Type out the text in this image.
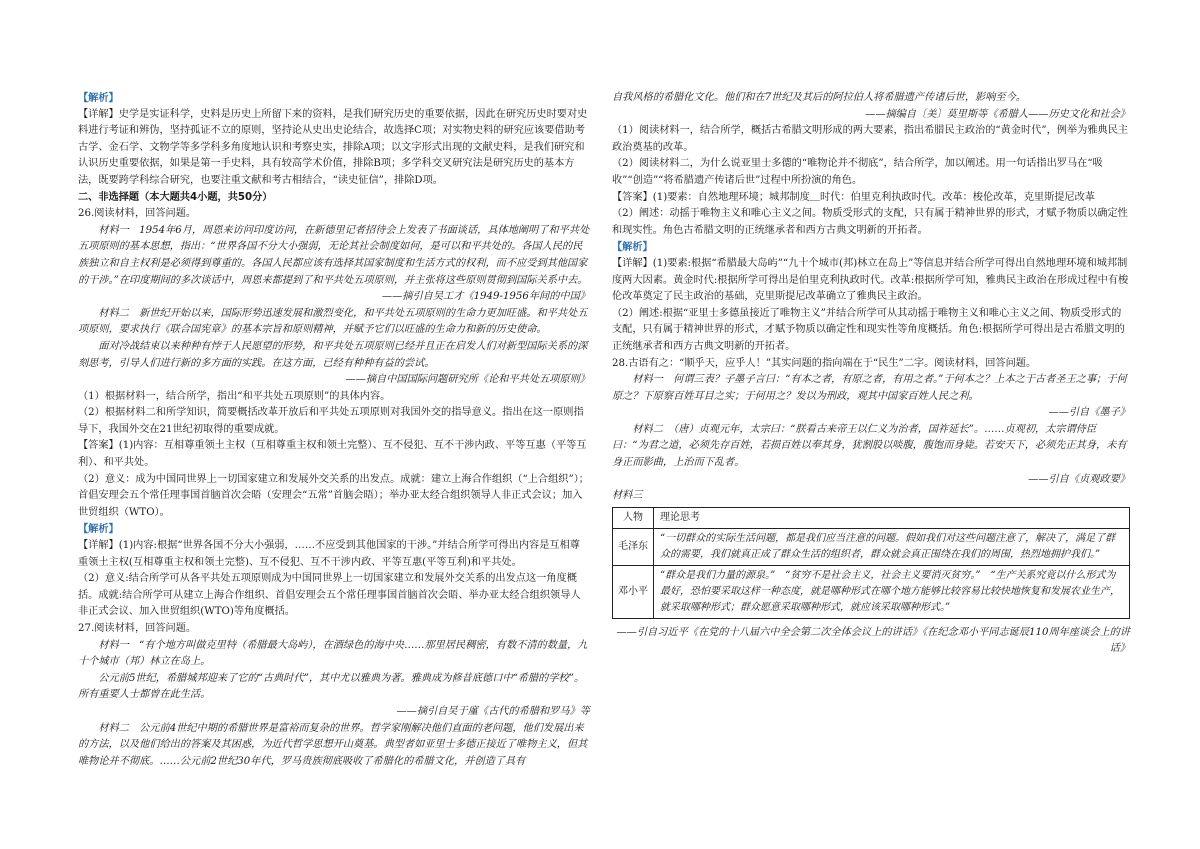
【解析】

【详解】史学是实证科学，史料是历史上所留下来的资料，是我们研究历史的重要依据，因此在研究历史时要对史料进行考证和辨伪，坚持孤证不立的原则，坚持论从史出史论结合，故选择C项；对实物史料的研究应该要借助考古学、金石学、文物学等多学科多角度地认识和考察史实，排除A项；以文字形式出现的文献史料，是我们研究和认识历史重要依据，如果是第一手史料，具有较高学术价值，排除B项；多学科交叉研究法是研究历史的基本方法，既要跨学科综合研究，也要注重文献和考古相结合，“读史征信”，排除D项。

二、非选择题（本大题共4小题，共50分）

26.阅读材料，回答问题。

材料一　1954年6月，周恩来访问印度访问，在新德里记者招待会上发表了书面谈话，具体地阐明了和平共处五项原则的基本思想，指出：“世界各国不分大小强弱，无论其社会制度如何，是可以和平共处的。各国人民的民族独立和自主权利是必须得到尊重的。各国人民都应该有选择其国家制度和生活方式的权利，而不应受到其他国家的干涉。”在印度期间的多次谈话中，周恩来都提到了和平共处五项原则，并主张将这些原则贯彻到国际关系中去。

——摘引自吴工才《1949-1956年间的中国》

材料二　新世纪开始以来，国际形势迅速发展和激烈变化，和平共处五项原则的生命力更加旺盛。和平共处五项原则，要求执行《联合国宪章》的基本宗旨和原则精神，并赋予它们以旺盛的生命力和新的历史使命。

面对冷战结束以来种种有悖于人民愿望的形势，和平共处五项原则已经并且正在启发人们对新型国际关系的深刻思考，引导人们进行新的多方面的实践。在这方面，已经有种种有益的尝试。

——摘自中国国际问题研究所《论和平共处五项原则》

（1）根据材料一，结合所学，指出“和平共处五项原则”的具体内容。

（2）根据材料二和所学知识，简要概括改革开放后和平共处五项原则对我国外交的指导意义。指出在这一原则指导下，我国外交在21世纪初取得的重要成就。

【答案】(1)内容：互相尊重领土主权（互相尊重主权和领土完整）、互不侵犯、互不干涉内政、平等互惠（平等互利）、和平共处。

（2）意义：成为中国同世界上一切国家建立和发展外交关系的出发点。成就：建立上海合作组织（“上合组织”）；首倡安理会五个常任理事国首脑首次会晤（安理会“五常”首脑会晤）；举办亚太经合组织领导人非正式会议；加入世贸组织（WTO）。

【解析】

【详解】(1)内容:根据“世界各国不分大小强弱，……不应受到其他国家的干涉。”并结合所学可得出内容是互相尊重领土主权(互相尊重主权和领土完整)、互不侵犯、互不干涉内政、平等互惠(平等互利)和平共处。

（2）意义:结合所学可从各平共处五项原则成为中国同世界上一切国家建立和发展外交关系的出发点这一角度概括。成就:结合所学可从建立上海合作组织、首倡安理会五个常任理事国首脑首次会晤、举办亚太经合组织领导人非正式会议、加入世贸组织(WTO)等角度概括。

27.阅读材料，回答问题。

材料一　“有个地方叫做克里特（希腊最大岛屿），在酒绿色的海中央……那里居民稠密，有数不清的数量，九十个城市（邦）林立在岛上。

公元前5世纪，希腊城邦迎来了它的“古典时代”，其中尤以雅典为著。雅典成为修昔底德口中“希腊的学校”。所有重要人士都曾在此生活。

——摘引自吴于廑《古代的希腊和罗马》等

材料二　公元前4世纪中期的希腊世界是富裕而复杂的世界。哲学家刚解决他们直面的老问题，他们发展出来的方法，以及他们给出的答案及其困惑，为近代哲学思想开山奠基。典型者如亚里士多德正接近了唯物主义，但其唯物论并不彻底。……公元前2世纪30年代，罗马贵族彻底吸收了希腊化的希腊文化，并创造了具有

自我风格的希腊化文化。他们和在7世纪及其后的阿拉伯人将希腊遗产传诸后世，影响至今。

——摘编自〔美〕莫里斯等《希腊人——历史文化和社会》

（1）阅读材料一，结合所学，概括古希腊文明形成的两大要素，指出希腊民主政治的“黄金时代”，例举为雅典民主政治奠基的改革。

（2）阅读材料二，为什么说亚里士多德的“唯物论并不彻底”，结合所学，加以阐述。用一句话指出罗马在“吸收”“创造”“将希腊遗产传诸后世”过程中所扮演的角色。

【答案】(1)要素：自然地理环境；城邦制度＿时代：伯里克利执政时代。改革：梭伦改革，克里斯提尼改革

（2）阐述：动摇于唯物主义和唯心主义之间。物质受形式的支配，只有属于精神世界的形式，才赋予物质以确定性和现实性。角色古希腊文明的正统继承者和西方古典文明新的开拓者。

【解析】

【详解】(1)要素:根据“希腊最大岛屿”“九十个城市(邦)林立在岛上”等信息并结合所学可得出自然地理环境和城邦制度两大因素。黄金时代:根据所学可得出是伯里克利执政时代。改革:根据所学可知，雅典民主政治在形成过程中有梭伦改革奠定了民主政治的基础，克里斯提尼改革确立了雅典民主政治。

（2）阐述:根据“亚里士多德虽接近了唯物主义”并结合所学可从其动摇于唯物主义和唯心主义之间、物质受形式的支配，只有属于精神世界的形式，才赋予物质以确定性和现实性等角度概括。角色:根据所学可得出是古希腊文明的正统继承者和西方古典文明新的开拓者。

28.古语有之：“顺乎天，应乎人！”其实问题的指向端在于“民生”二字。阅读材料，回答问题。

材料一　何谓三表？子墨子言曰：“有本之者，有原之者，有用之者。”于何本之？上本之于古者圣王之事；于何原之？下原察百姓耳目之实；于何用之？发以为刑政，观其中国家百姓人民之利。

——引自《墨子》

材料二　（唐）贞观元年，太宗曰：“朕看古来帝王以仁义为治者，国祚延长”。……贞观初，太宗谓侍臣曰：“为君之道，必须先存百姓，若损百姓以奉其身，犹割股以啖腹，腹饱而身毙。若安天下，必须先正其身，未有身正而影曲，上治而下乱者。

——引自《贞观政要》

材料三

人物	理论思考
毛泽东	“一切群众的实际生活问题，都是我们应当注意的问题。假如我们对这些问题注意了，解决了，满足了群众的需要，我们就真正成了群众生活的组织者，群众就会真正围绕在我们的周围，热烈地拥护我们。”
邓小平	“群众是我们力量的源泉。”　“贫穷不是社会主义，社会主义要消灭贫穷。”　“生产关系究竟以什么形式为最好，恐怕要采取这样一种态度，就是哪种形式在哪个地方能够比较容易比较快地恢复和发展农业生产，就采取哪种形式；群众愿意采取哪种形式，就应该采取哪种形式。”

——引自习近平《在党的十八届六中全会第二次全体会议上的讲话》《在纪念邓小平同志诞辰110周年座谈会上的讲话》
